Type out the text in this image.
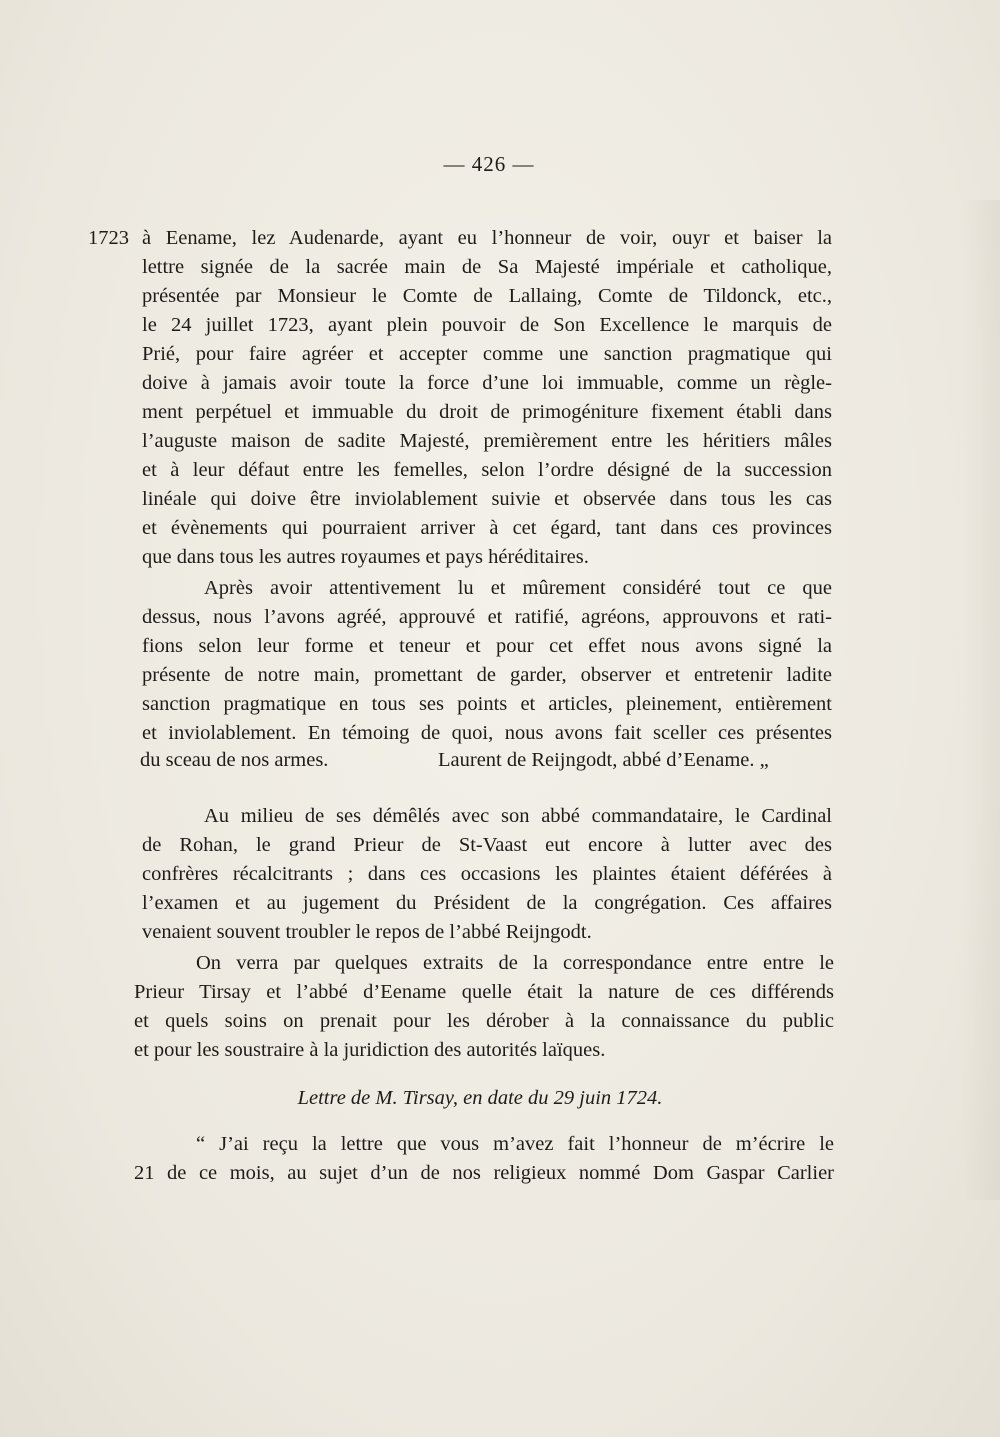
— 426 —
1723 à Eename, lez Audenarde, ayant eu l’honneur de voir, ouyr et baiser la
lettre signée de la sacrée main de Sa Majesté impériale et catholique,
présentée par Monsieur le Comte de Lallaing, Comte de Tildonck, etc.,
le 24 juillet 1723, ayant plein pouvoir de Son Excellence le marquis de
Prié, pour faire agréer et accepter comme une sanction pragmatique qui
doive à jamais avoir toute la force d’une loi immuable, comme un règle-
ment perpétuel et immuable du droit de primogéniture fixement établi dans
l’auguste maison de sadite Majesté, premièrement entre les héritiers mâles
et à leur défaut entre les femelles, selon l’ordre désigné de la succession
linéale qui doive être inviolablement suivie et observée dans tous les cas
et évènements qui pourraient arriver à cet égard, tant dans ces provinces
que dans tous les autres royaumes et pays héréditaires.
Après avoir attentivement lu et mûrement considéré tout ce que
dessus, nous l’avons agréé, approuvé et ratifié, agréons, approuvons et rati-
fions selon leur forme et teneur et pour cet effet nous avons signé la
présente de notre main, promettant de garder, observer et entretenir ladite
sanction pragmatique en tous ses points et articles, pleinement, entièrement
et inviolablement. En témoing de quoi, nous avons fait sceller ces présentes
du sceau de nos armes.	Laurent de Reijngodt, abbé d’Eename. „
Au milieu de ses démêlés avec son abbé commandataire, le Cardinal
de Rohan, le grand Prieur de St-Vaast eut encore à lutter avec des
confrères récalcitrants ; dans ces occasions les plaintes étaient déférées à
l’examen et au jugement du Président de la congrégation. Ces affaires
venaient souvent troubler le repos de l’abbé Reijngodt.
On verra par quelques extraits de la correspondance entre entre le
Prieur Tirsay et l’abbé d’Eename quelle était la nature de ces différends
et quels soins on prenait pour les dérober à la connaissance du public
et pour les soustraire à la juridiction des autorités laïques.
Lettre de M. Tirsay, en date du 29 juin 1724.
“ J’ai reçu la lettre que vous m’avez fait l’honneur de m’écrire le
21 de ce mois, au sujet d’un de nos religieux nommé Dom Gaspar Carlier
